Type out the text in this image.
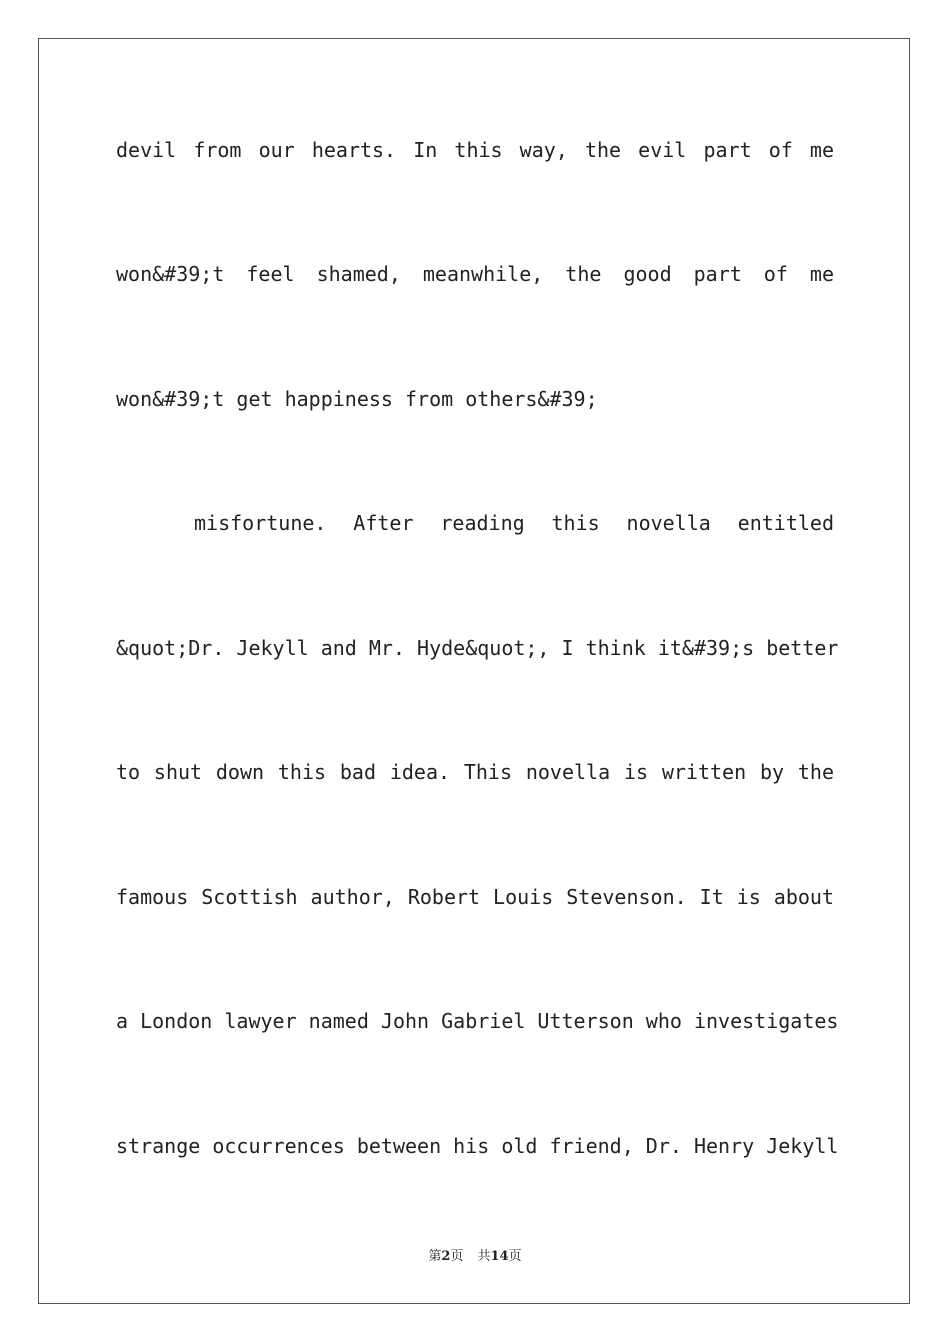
devil from our hearts. In this way, the evil part of me
won&#39;t feel shamed, meanwhile, the good part of me
won&#39;t get happiness from others&#39;
misfortune. After reading this novella entitled
&quot;Dr. Jekyll and Mr. Hyde&quot;, I think it&#39;s better
to shut down this bad idea. This novella is written by the
famous Scottish author, Robert Louis Stevenson. It is about
a London lawyer named John Gabriel Utterson who investigates
strange occurrences between his old friend, Dr. Henry Jekyll
第2页 共14页
